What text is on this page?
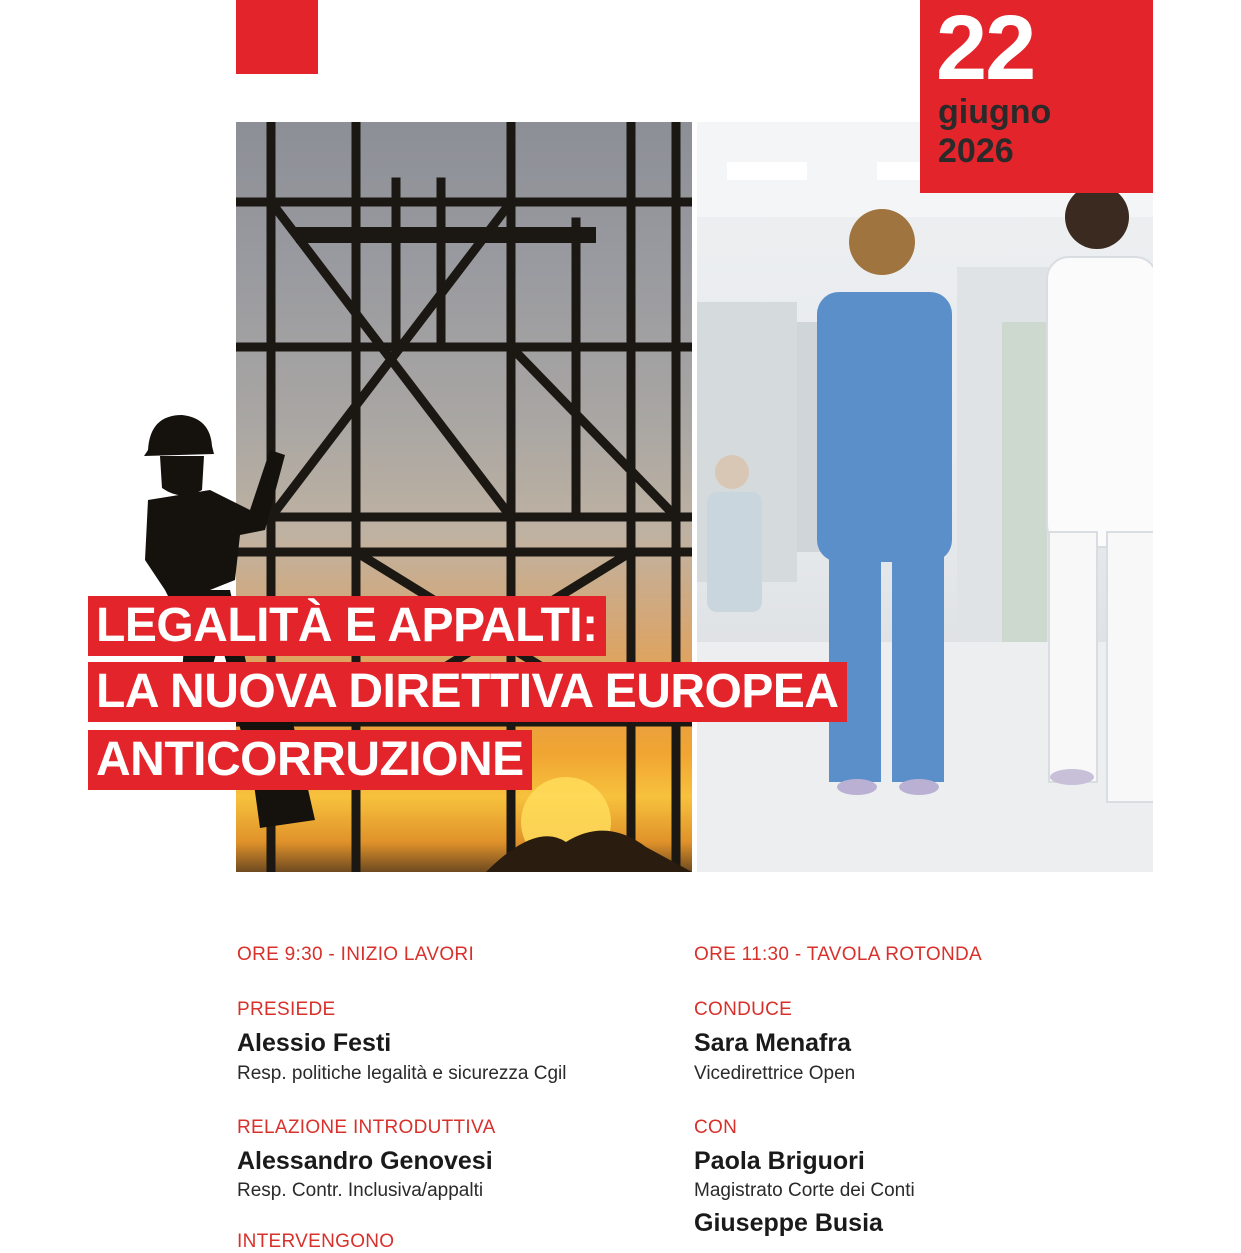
22
giugno
2026
LEGALITÀ E APPALTI:
LA NUOVA DIRETTIVA EUROPEA
ANTICORRUZIONE
ORE 9:30 - INIZIO LAVORI
PRESIEDE
Alessio Festi
Resp. politiche legalità e sicurezza Cgil
RELAZIONE INTRODUTTIVA
Alessandro Genovesi
Resp. Contr. Inclusiva/appalti
INTERVENGONO
ORE 11:30 - TAVOLA ROTONDA
CONDUCE
Sara Menafra
Vicedirettrice Open
CON
Paola Briguori
Magistrato Corte dei Conti
Giuseppe Busia
